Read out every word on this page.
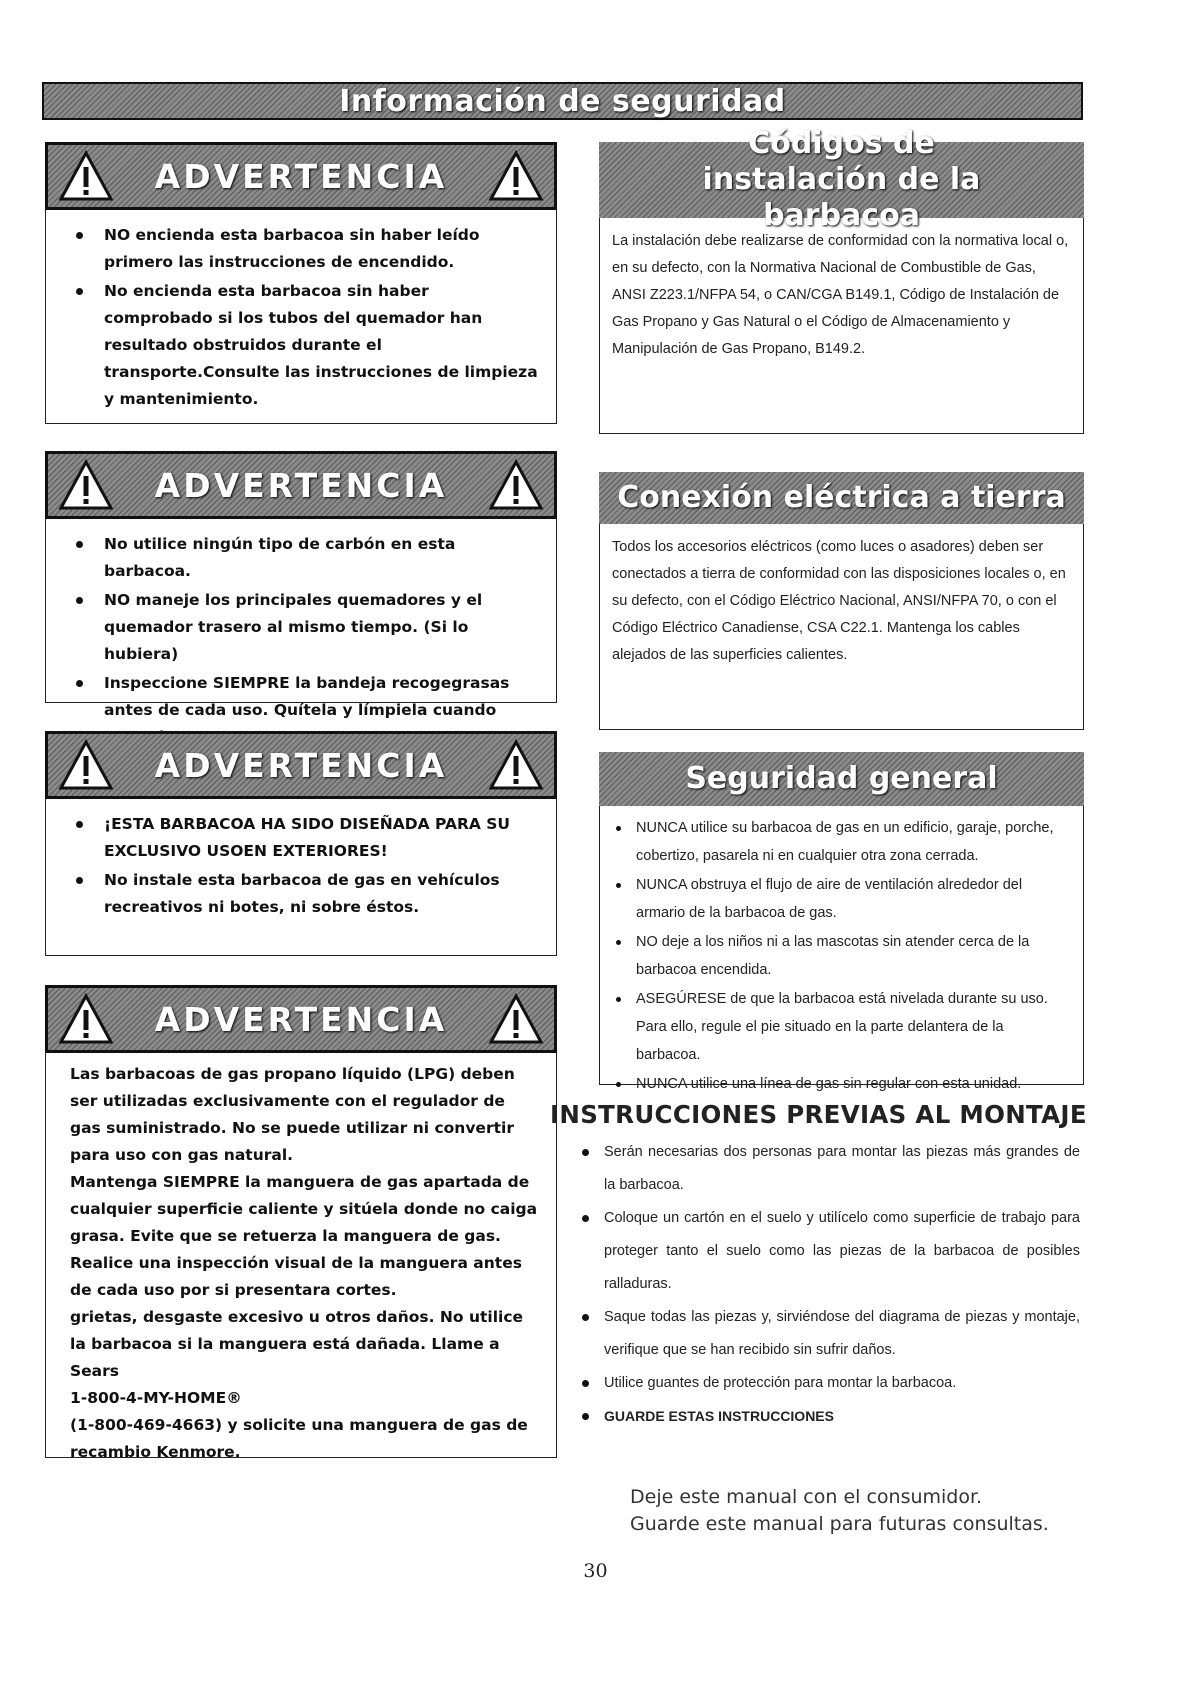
Información de seguridad
ADVERTENCIA
NO encienda esta barbacoa sin haber leído primero las instrucciones de encendido.
No encienda esta barbacoa sin haber comprobado si los tubos del quemador han resultado obstruidos durante el transporte.Consulte las instrucciones de limpieza y mantenimiento.
ADVERTENCIA
No utilice ningún tipo de carbón en esta barbacoa.
NO maneje los principales quemadores y el quemador trasero al mismo tiempo. (Si lo hubiera)
Inspeccione SIEMPRE la bandeja recogegrasas antes de cada uso. Quítela y límpiela cuando
ADVERTENCIA
¡ESTA BARBACOA HA SIDO DISEÑADA PARA SU EXCLUSIVO USOEN EXTERIORES!
No instale esta barbacoa de gas en vehículos recreativos ni botes, ni sobre éstos.
ADVERTENCIA

Las barbacoas de gas propano líquido (LPG) deben ser utilizadas exclusivamente con el regulador de gas suministrado. No se puede utilizar ni convertir para uso con gas natural.

Mantenga SIEMPRE la manguera de gas apartada de cualquier superficie caliente y sitúela donde no caiga grasa. Evite que se retuerza la manguera de gas. Realice una inspección visual de la manguera antes de cada uso por si presentara cortes.

grietas, desgaste excesivo u otros daños. No utilice la barbacoa si la manguera está dañada. Llame a Sears

1-800-4-MY-HOME®

(1-800-469-4663) y solicite una manguera de gas de recambio Kenmore.

Códigos de instalación de la barbacoa

La instalación debe realizarse de conformidad con la normativa local o, en su defecto, con la Normativa Nacional de Combustible de Gas, ANSI Z223.1/NFPA 54, o CAN/CGA B149.1, Código de Instalación de Gas Propano y Gas Natural o el Código de Almacenamiento y Manipulación de Gas Propano, B149.2.

Conexión eléctrica a tierra

Todos los accesorios eléctricos (como luces o asadores) deben ser conectados a tierra de conformidad con las disposiciones locales o, en su defecto, con el Código Eléctrico Nacional, ANSI/NFPA 70, o con el Código Eléctrico Canadiense, CSA C22.1. Mantenga los cables alejados de las superficies calientes.

Seguridad general
NUNCA utilice su barbacoa de gas en un edificio, garaje, porche, cobertizo, pasarela ni en cualquier otra zona cerrada.
NUNCA obstruya el flujo de aire de ventilación alrededor del armario de la barbacoa de gas.
NO deje a los niños ni a las mascotas sin atender cerca de la barbacoa encendida.
ASEGÚRESE de que la barbacoa está nivelada durante su uso. Para ello, regule el pie situado en la parte delantera de la barbacoa.
NUNCA utilice una línea de gas sin regular con esta unidad.
INSTRUCCIONES PREVIAS AL MONTAJE
Serán necesarias dos personas para montar las piezas más grandes de la barbacoa.
Coloque un cartón en el suelo y utilícelo como superficie de trabajo para proteger tanto el suelo como las piezas de la barbacoa de posibles ralladuras.
Saque todas las piezas y, sirviéndose del diagrama de piezas y montaje, verifique que se han recibido sin sufrir daños.
Utilice guantes de protección para montar la barbacoa.
GUARDE ESTAS INSTRUCCIONES

Deje este manual con el consumidor.
Guarde este manual para futuras consultas.

30
